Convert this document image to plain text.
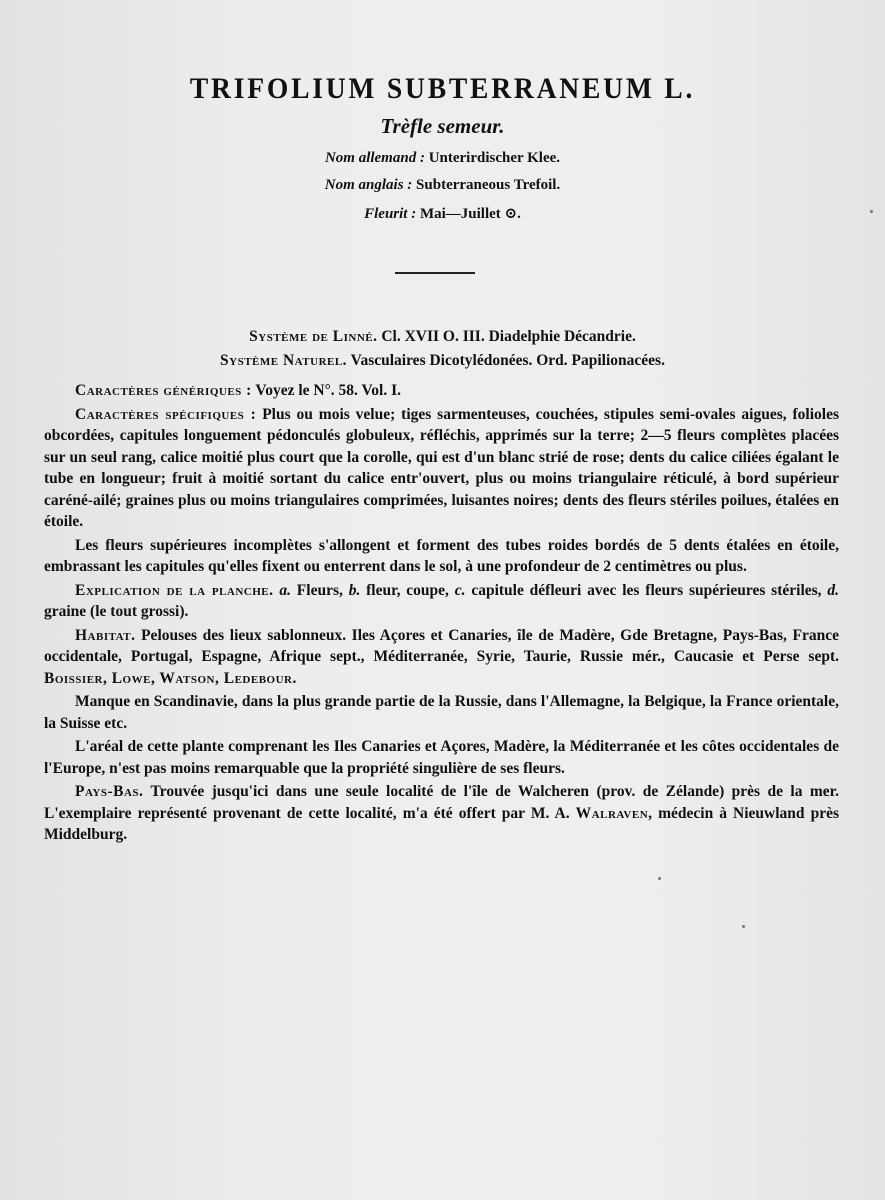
TRIFOLIUM SUBTERRANEUM L.
Trèfle semeur.
Nom allemand : Unterirdischer Klee.
Nom anglais : Subterraneous Trefoil.
Fleurit : Mai—Juillet ⊙.
Système de Linné. Cl. XVII O. III. Diadelphie Décandrie.
Système Naturel. Vasculaires Dicotylédonées. Ord. Papilionacées.

Caractères génériques : Voyez le N°. 58. Vol. I.

Caractères spécifiques : Plus ou mois velue; tiges sarmenteuses, couchées, stipules semi-ovales aigues, folioles obcordées, capitules longuement pédonculés globuleux, réfléchis, apprimés sur la terre; 2—5 fleurs complètes placées sur un seul rang, calice moitié plus court que la corolle, qui est d'un blanc strié de rose; dents du calice ciliées égalant le tube en longueur; fruit à moitié sortant du calice entr'ouvert, plus ou moins triangulaire réticulé, à bord supérieur caréné-ailé; graines plus ou moins triangulaires comprimées, luisantes noires; dents des fleurs stériles poilues, étalées en étoile.

Les fleurs supérieures incomplètes s'allongent et forment des tubes roides bordés de 5 dents étalées en étoile, embrassant les capitules qu'elles fixent ou enterrent dans le sol, à une profondeur de 2 centimètres ou plus.

Explication de la planche. a. Fleurs, b. fleur, coupe, c. capitule défleuri avec les fleurs supérieures stériles, d. graine (le tout grossi).

Habitat. Pelouses des lieux sablonneux. Iles Açores et Canaries, île de Madère, Gde Bretagne, Pays-Bas, France occidentale, Portugal, Espagne, Afrique sept., Méditerranée, Syrie, Taurie, Russie mér., Caucasie et Perse sept. Boissier, Lowe, Watson, Ledebour.

Manque en Scandinavie, dans la plus grande partie de la Russie, dans l'Allemagne, la Belgique, la France orientale, la Suisse etc.

L'aréal de cette plante comprenant les Iles Canaries et Açores, Madère, la Méditerranée et les côtes occidentales de l'Europe, n'est pas moins remarquable que la propriété singulière de ses fleurs.

Pays-Bas. Trouvée jusqu'ici dans une seule localité de l'île de Walcheren (prov. de Zélande) près de la mer. L'exemplaire représenté provenant de cette localité, m'a été offert par M. A. Walraven, médecin à Nieuwland près Middelburg.
